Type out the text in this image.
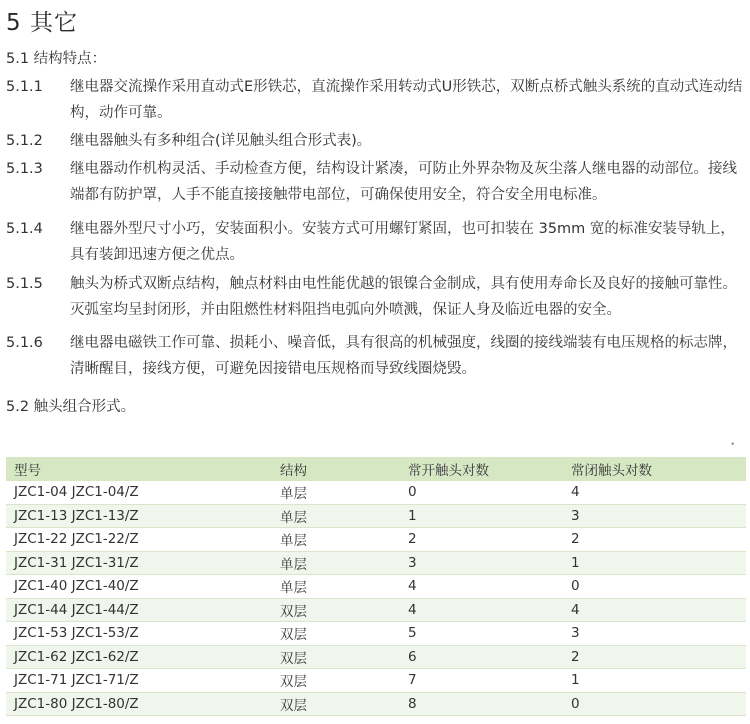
5 其它
5.1 结构特点：
5.1.1 继电器交流操作采用直动式E形铁芯，直流操作采用转动式U形铁芯，双断点桥式触头系统的直动式连动结构，动作可靠。
5.1.2 继电器触头有多种组合(详见触头组合形式表)。
5.1.3 继电器动作机构灵活、手动检查方便，结构设计紧凑，可防止外界杂物及灰尘落人继电器的动部位。接线端都有防护罩，人手不能直接接触带电部位，可确保使用安全，符合安全用电标准。
5.1.4 继电器外型尺寸小巧，安装面积小。安装方式可用螺钉紧固，也可扣装在 35mm 宽的标准安装导轨上，具有装卸迅速方便之优点。
5.1.5 触头为桥式双断点结构，触点材料由电性能优越的银镍合金制成，具有使用寿命长及良好的接触可靠性。灭弧室均呈封闭形，并由阻燃性材料阻挡电弧向外喷溅，保证人身及临近电器的安全。
5.1.6 继电器电磁铁工作可靠、损耗小、噪音低，具有很高的机械强度，线圈的接线端装有电压规格的标志牌，清晰醒目，接线方便，可避免因接错电压规格而导致线圈烧毁。
5.2 触头组合形式。
•
型号	结构	常开触头对数	常闭触头对数
JZC1-04 JZC1-04/Z	单层	0	4
JZC1-13 JZC1-13/Z	单层	1	3
JZC1-22 JZC1-22/Z	单层	2	2
JZC1-31 JZC1-31/Z	单层	3	1
JZC1-40 JZC1-40/Z	单层	4	0
JZC1-44 JZC1-44/Z	双层	4	4
JZC1-53 JZC1-53/Z	双层	5	3
JZC1-62 JZC1-62/Z	双层	6	2
JZC1-71 JZC1-71/Z	双层	7	1
JZC1-80 JZC1-80/Z	双层	8	0
